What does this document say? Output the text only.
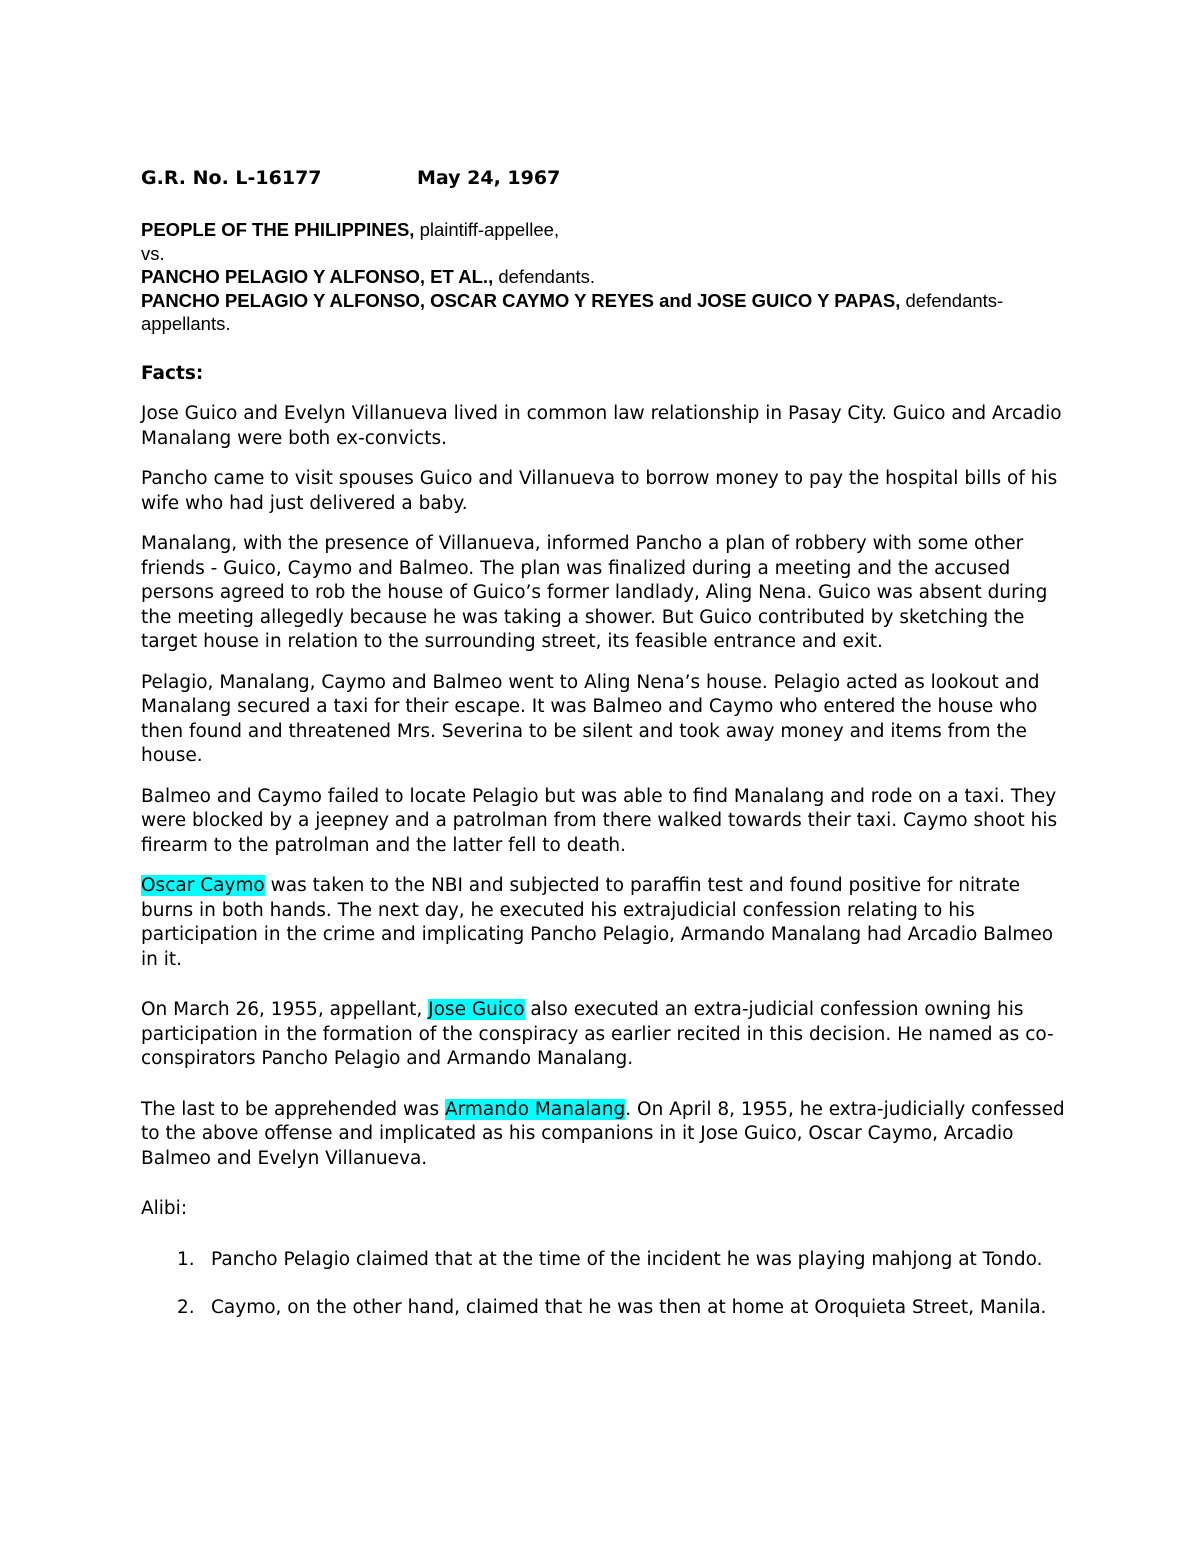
G.R. No. L-16177	May 24, 1967
PEOPLE OF THE PHILIPPINES, plaintiff-appellee,
vs.
PANCHO PELAGIO Y ALFONSO, ET AL., defendants.
PANCHO PELAGIO Y ALFONSO, OSCAR CAYMO Y REYES and JOSE GUICO Y PAPAS, defendants-appellants.
Facts:

Jose Guico and Evelyn Villanueva lived in common law relationship in Pasay City. Guico and Arcadio Manalang were both ex-convicts.

Pancho came to visit spouses Guico and Villanueva to borrow money to pay the hospital bills of his wife who had just delivered a baby.

Manalang, with the presence of Villanueva, informed Pancho a plan of robbery with some other friends - Guico, Caymo and Balmeo. The plan was finalized during a meeting and the accused persons agreed to rob the house of Guico’s former landlady, Aling Nena. Guico was absent during the meeting allegedly because he was taking a shower. But Guico contributed by sketching the target house in relation to the surrounding street, its feasible entrance and exit.

Pelagio, Manalang, Caymo and Balmeo went to Aling Nena’s house. Pelagio acted as lookout and Manalang secured a taxi for their escape. It was Balmeo and Caymo who entered the house who then found and threatened Mrs. Severina to be silent and took away money and items from the house.

Balmeo and Caymo failed to locate Pelagio but was able to find Manalang and rode on a taxi. They were blocked by a jeepney and a patrolman from there walked towards their taxi. Caymo shoot his firearm to the patrolman and the latter fell to death.

Oscar Caymo was taken to the NBI and subjected to paraffin test and found positive for nitrate burns in both hands. The next day, he executed his extrajudicial confession relating to his participation in the crime and implicating Pancho Pelagio, Armando Manalang had Arcadio Balmeo in it.

On March 26, 1955, appellant, Jose Guico also executed an extra-judicial confession owning his participation in the formation of the conspiracy as earlier recited in this decision. He named as co-conspirators Pancho Pelagio and Armando Manalang.

The last to be apprehended was Armando Manalang. On April 8, 1955, he extra-judicially confessed to the above offense and implicated as his companions in it Jose Guico, Oscar Caymo, Arcadio Balmeo and Evelyn Villanueva.

Alibi:

1. Pancho Pelagio claimed that at the time of the incident he was playing mahjong at Tondo.
2. Caymo, on the other hand, claimed that he was then at home at Oroquieta Street, Manila.
